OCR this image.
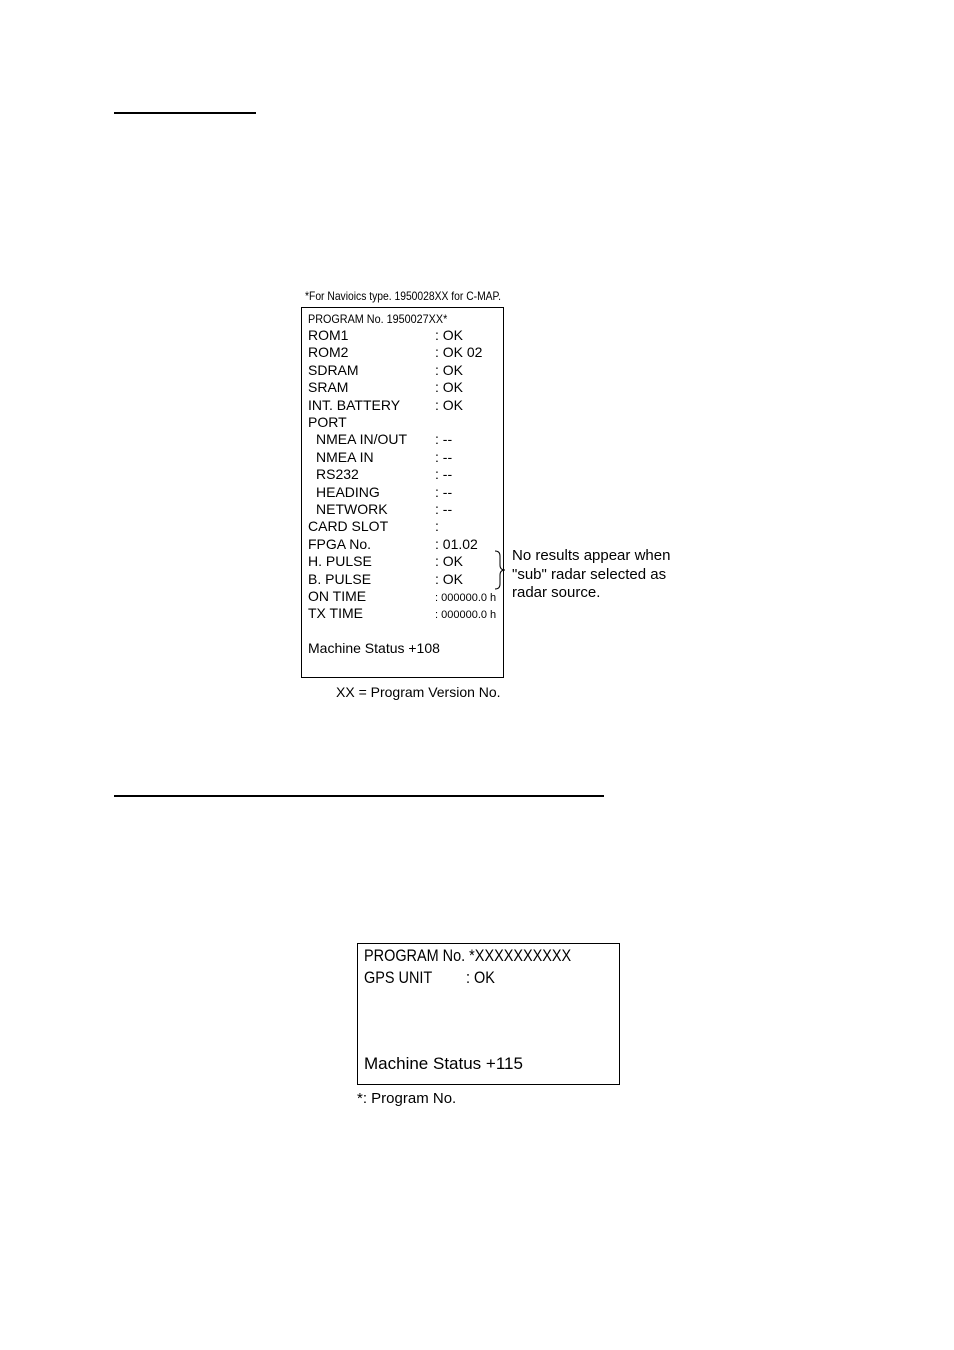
*For Navioics type. 1950028XX for C-MAP.
PROGRAM No. 1950027XX*
ROM1	: OK
ROM2	: OK 02
SDRAM	: OK
SRAM	: OK
INT. BATTERY : OK
PORT
NMEA IN/OUT : --
NMEA IN	: --
RS232	: --
HEADING	: --
NETWORK	: --
CARD SLOT	:
FPGA No.	: 01.02
H. PULSE	: OK
B. PULSE	: OK
ON TIME	: 000000.0 h
TX TIME	: 000000.0 h
Machine Status +108
No results appear when "sub" radar selected as radar source.
XX = Program Version No.
PROGRAM No. *XXXXXXXXXX
GPS UNIT : OK
Machine Status +115
*: Program No.
